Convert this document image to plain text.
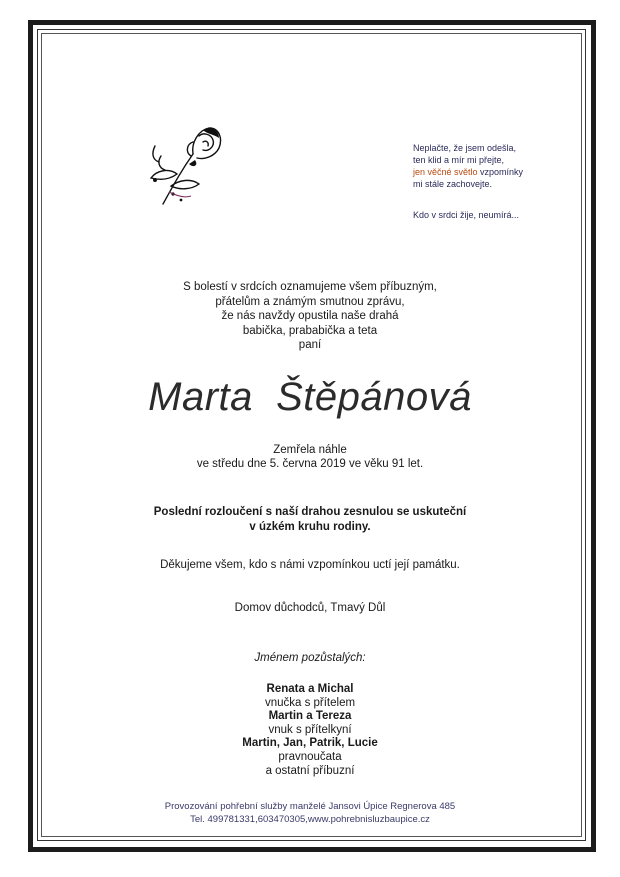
Neplačte, že jsem odešla,
ten klid a mír mi přejte,
jen věčné světlo vzpomínky
mi stále zachovejte.
Kdo v srdci žije, neumírá...
S bolestí v srdcích oznamujeme všem příbuzným,
přátelům a známým smutnou zprávu,
že nás navždy opustila naše drahá
babička, prababička a teta
paní
Marta  Štěpánová
Zemřela náhle
ve středu dne 5. června 2019 ve věku 91 let.
Poslední rozloučení s naší drahou zesnulou se uskuteční
v úzkém kruhu rodiny.
Děkujeme všem, kdo s námi vzpomínkou uctí její památku.
Domov důchodců, Tmavý Důl
Jménem pozůstalých:
Renata a Michal
vnučka s přítelem
Martin a Tereza
vnuk s přítelkyní
Martin, Jan, Patrik, Lucie
pravnoučata
a ostatní příbuzní
Provozování pohřební služby manželé Jansovi Úpice Regnerova 485
Tel. 499781331,603470305,www.pohrebnisluzbaupice.cz
